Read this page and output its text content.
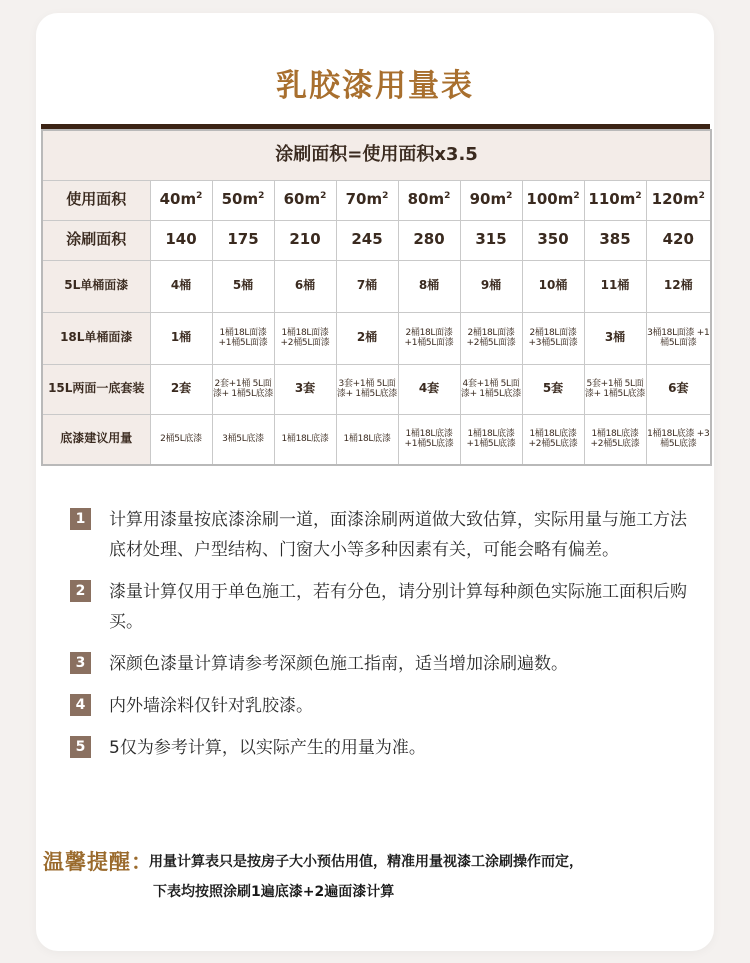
乳胶漆用量表
涂刷面积=使用面积x3.5									
使用面积	$40m^2$	$50m^2$	$60m^2$	$70m^2$	$80m^2$	$90m^2$	$100m^2$	$110m^2$	$120m^2$
涂刷面积	140	175	210	245	280	315	350	385	420
5L单桶面漆	4桶	5桶	6桶	7桶	8桶	9桶	10桶	11桶	12桶
18L单桶面漆	1桶	1桶18L面漆 +1桶5L面漆	1桶18L面漆 +2桶5L面漆	2桶	2桶18L面漆 +1桶5L面漆	2桶18L面漆 +2桶5L面漆	2桶18L面漆 +3桶5L面漆	3桶	3桶18L面漆 +1桶5L面漆

15L两面一底套装	2套	2套+1桶 5L面漆+ 1桶5L底漆	3套	3套+1桶 5L面漆+ 1桶5L底漆	4套	4套+1桶 5L面漆+ 1桶5L底漆	5套	5套+1桶 5L面漆+ 1桶5L底漆	6套
底漆建议用量	2桶5L底漆	3桶5L底漆	1桶18L底漆	1桶18L底漆	1桶18L底漆 +1桶5L底漆	1桶18L底漆 +1桶5L底漆	1桶18L底漆 +2桶5L底漆	1桶18L底漆 +2桶5L底漆	1桶18L底漆 +3桶5L底漆
1	计算用漆量按底漆涂刷一道，面漆涂刷两道做大致估算，实际用量与施工方法底材处理、户型结构、门窗大小等多种因素有关，可能会略有偏差。
2	漆量计算仅用于单色施工，若有分色，请分别计算每种颜色实际施工面积后购买。
3	深颜色漆量计算请参考深颜色施工指南，适当增加涂刷遍数。
4	内外墙涂料仅针对乳胶漆。
5	5仅为参考计算，以实际产生的用量为准。
温馨提醒：
用量计算表只是按房子大小预估用值，精准用量视漆工涂刷操作而定，
下表均按照涂刷1遍底漆+2遍面漆计算
